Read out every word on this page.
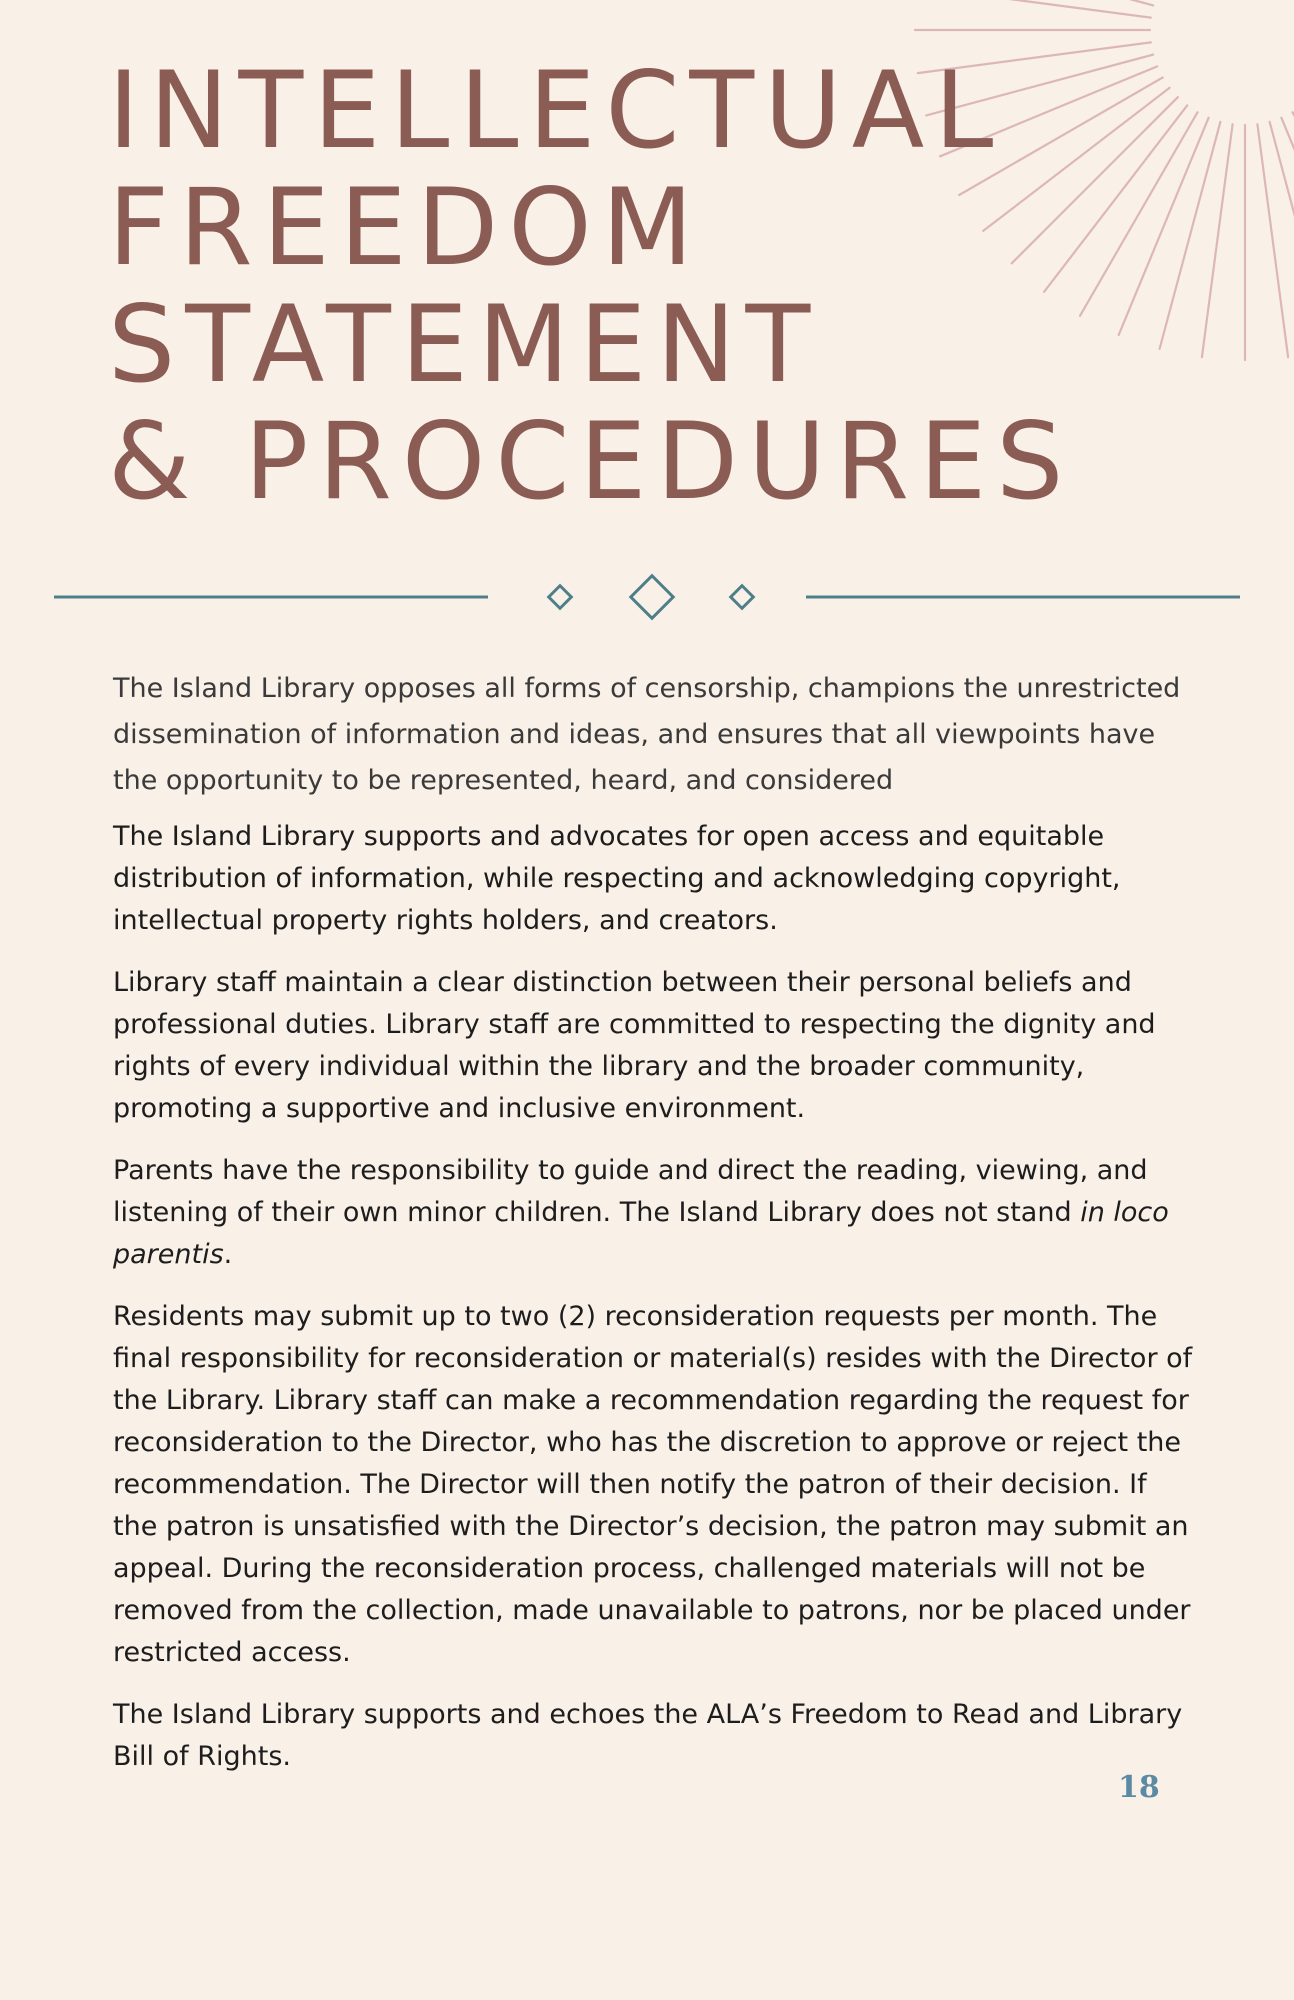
INTELLECTUAL
FREEDOM
STATEMENT
& PROCEDURES

The Island Library opposes all forms of censorship, champions the unrestricted dissemination of information and ideas, and ensures that all viewpoints have the opportunity to be represented, heard, and considered

The Island Library supports and advocates for open access and equitable distribution of information, while respecting and acknowledging copyright, intellectual property rights holders, and creators.

Library staff maintain a clear distinction between their personal beliefs and professional duties. Library staff are committed to respecting the dignity and rights of every individual within the library and the broader community, promoting a supportive and inclusive environment.

Parents have the responsibility to guide and direct the reading, viewing, and listening of their own minor children. The Island Library does not stand in loco parentis.

Residents may submit up to two (2) reconsideration requests per month. The final responsibility for reconsideration or material(s) resides with the Director of the Library. Library staff can make a recommendation regarding the request for reconsideration to the Director, who has the discretion to approve or reject the recommendation. The Director will then notify the patron of their decision. If the patron is unsatisfied with the Director’s decision, the patron may submit an appeal. During the reconsideration process, challenged materials will not be removed from the collection, made unavailable to patrons, nor be placed under restricted access.

The Island Library supports and echoes the ALA’s Freedom to Read and Library Bill of Rights.

18
